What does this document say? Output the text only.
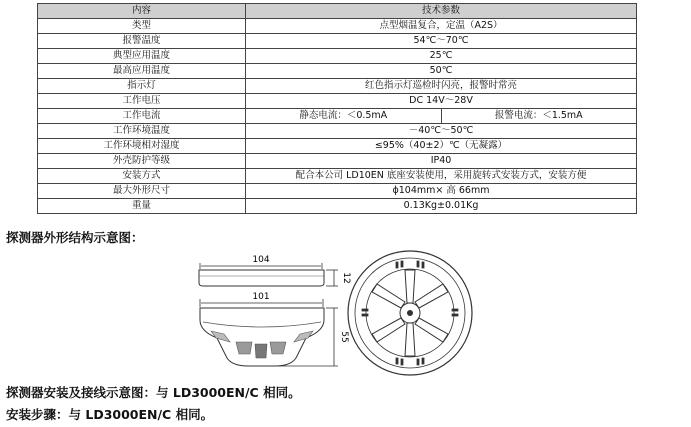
内容	技术参数	
类型	点型烟温复合，定温（A2S）	
报警温度	54℃～70℃	
典型应用温度	25℃	
最高应用温度	50℃	
指示灯	红色指示灯巡检时闪亮，报警时常亮	
工作电压	DC 14V～28V	
工作电流	静态电流：＜0.5mA	报警电流：＜1.5mA
工作环境温度	－40℃～50℃	
工作环境相对湿度	≤95%（40±2）℃（无凝露）	
外壳防护等级	IP40	
安装方式	配合本公司 LD10EN 底座安装使用，采用旋转式安装方式，安装方便	
最大外形尺寸	ϕ104mm× 高 66mm	
重量	0.13Kg±0.01Kg	
探测器外形结构示意图：
104
12
101
55
探测器安装及接线示意图：与 LD3000EN/C 相同。
安装步骤：与 LD3000EN/C 相同。
